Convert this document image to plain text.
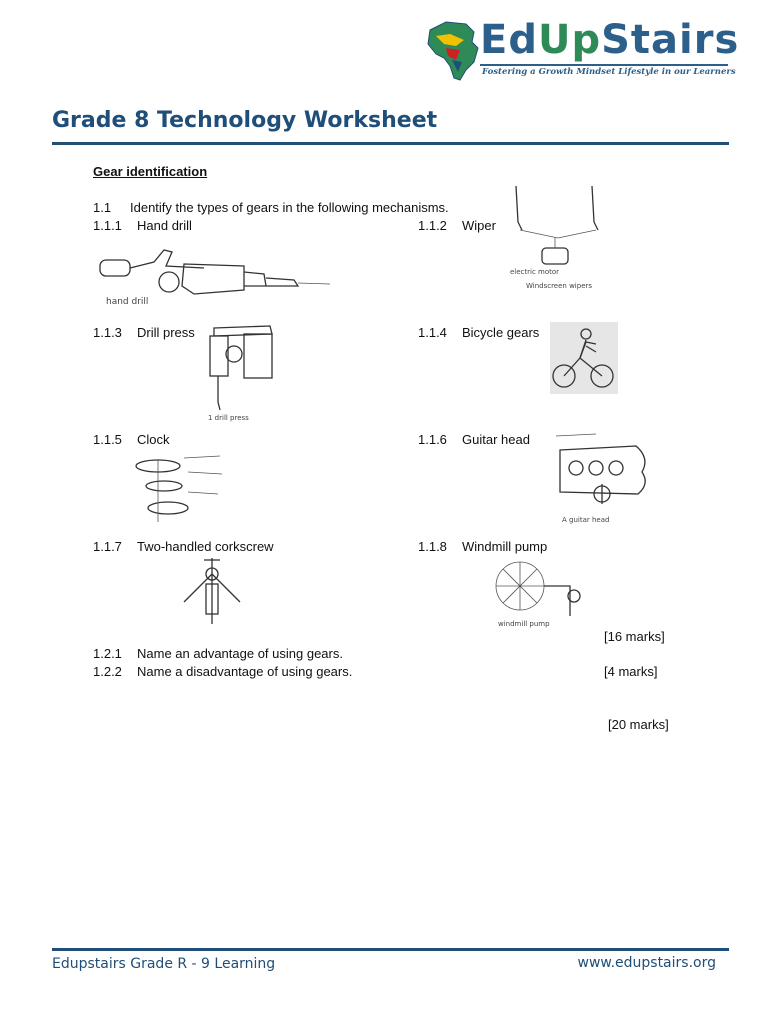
EdUpStairs
Fostering a Growth Mindset Lifestyle in our Learners
Grade 8 Technology Worksheet
Gear identification
1.1 Identify the types of gears in the following mechanisms.
1.1.1 Hand drill	1.1.2 Wiper
1.1.3 Drill press	1.1.4 Bicycle gears
1.1.5 Clock	1.1.6 Guitar head
1.1.7 Two-handled corkscrew	1.1.8 Windmill pump
hand drill
electric motor
Windscreen wipers
1 drill press
A guitar head
windmill pump
[16 marks]
1.2.1 Name an advantage of using gears.
1.2.2 Name a disadvantage of using gears.	[4 marks]
[20 marks]
Edupstairs Grade R - 9 Learning	www.edupstairs.org
